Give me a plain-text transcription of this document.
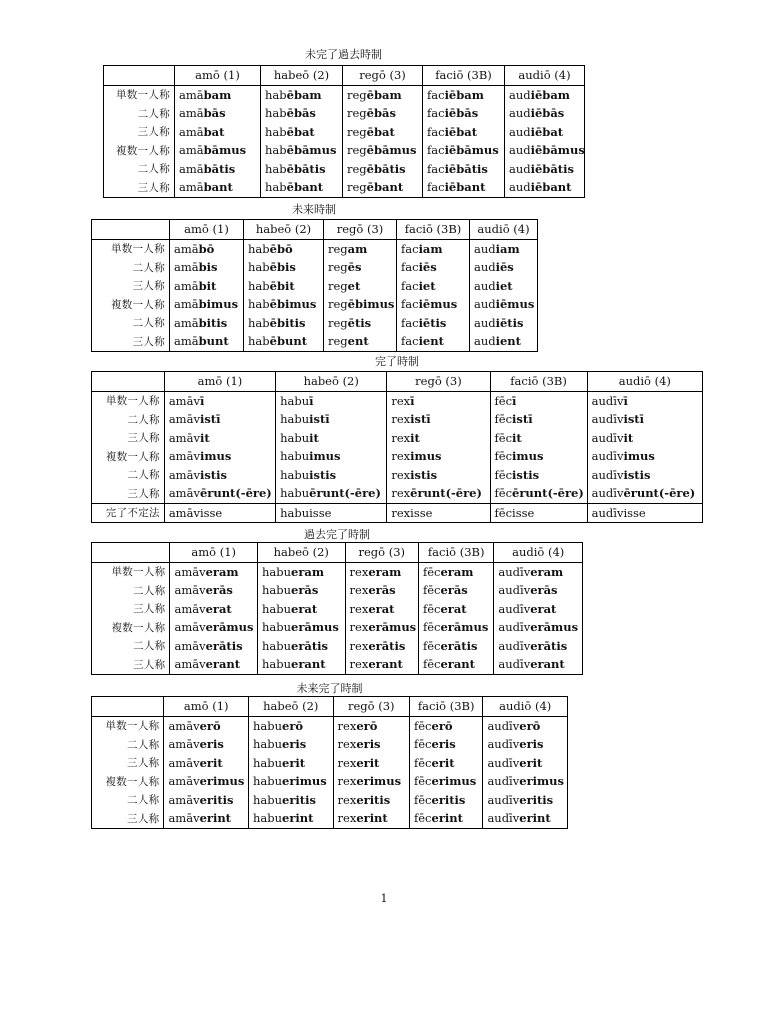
未完了過去時制
	amō (1)	habeō (2)	regō (3)	faciō (3B)	audiō (4)
単数一人称	amābam	habēbam	regēbam	faciēbam	audiēbam
二人称	amābās	habēbās	regēbās	faciēbās	audiēbās
三人称	amābat	habēbat	regēbat	faciēbat	audiēbat
複数一人称	amābāmus	habēbāmus	regēbāmus	faciēbāmus	audiēbāmus
二人称	amābātis	habēbātis	regēbātis	faciēbātis	audiēbātis
三人称	amābant	habēbant	regēbant	faciēbant	audiēbant
未来時制
	amō (1)	habeō (2)	regō (3)	faciō (3B)	audiō (4)
単数一人称	amābō	habēbō	regam	faciam	audiam
二人称	amābis	habēbis	regēs	faciēs	audiēs
三人称	amābit	habēbit	reget	faciet	audiet
複数一人称	amābimus	habēbimus	regēbimus	faciēmus	audiēmus
二人称	amābitis	habēbitis	regētis	faciētis	audiētis
三人称	amābunt	habēbunt	regent	facient	audient
完了時制
	amō (1)	habeō (2)	regō (3)	faciō (3B)	audiō (4)
単数一人称	amāvī	habuī	rexī	fēcī	audīvī
二人称	amāvistī	habuistī	rexistī	fēcistī	audīvistī
三人称	amāvit	habuit	rexit	fēcit	audīvit
複数一人称	amāvimus	habuimus	reximus	fēcimus	audīvimus
二人称	amāvistis	habuistis	rexistis	fēcistis	audīvistis
三人称	amāvērunt(-ēre)	habuērunt(-ēre)	rexērunt(-ēre)	fēcērunt(-ēre)	audīvērunt(-ēre)
完了不定法	amāvisse	habuisse	rexisse	fēcisse	audīvisse
過去完了時制
	amō (1)	habeō (2)	regō (3)	faciō (3B)	audiō (4)
単数一人称	amāveram	habueram	rexeram	fēceram	audīveram
二人称	amāverās	habuerās	rexerās	fēcerās	audīverās
三人称	amāverat	habuerat	rexerat	fēcerat	audīverat
複数一人称	amāverāmus	habuerāmus	rexerāmus	fēcerāmus	audīverāmus
二人称	amāverātis	habuerātis	rexerātis	fēcerātis	audīverātis
三人称	amāverant	habuerant	rexerant	fēcerant	audīverant
未来完了時制
	amō (1)	habeō (2)	regō (3)	faciō (3B)	audiō (4)
単数一人称	amāverō	habuerō	rexerō	fēcerō	audīverō
二人称	amāveris	habueris	rexeris	fēceris	audīveris
三人称	amāverit	habuerit	rexerit	fēcerit	audīverit
複数一人称	amāverimus	habuerimus	rexerimus	fēcerimus	audīverimus
二人称	amāveritis	habueritis	rexeritis	fēceritis	audīveritis
三人称	amāverint	habuerint	rexerint	fēcerint	audīverint
1
